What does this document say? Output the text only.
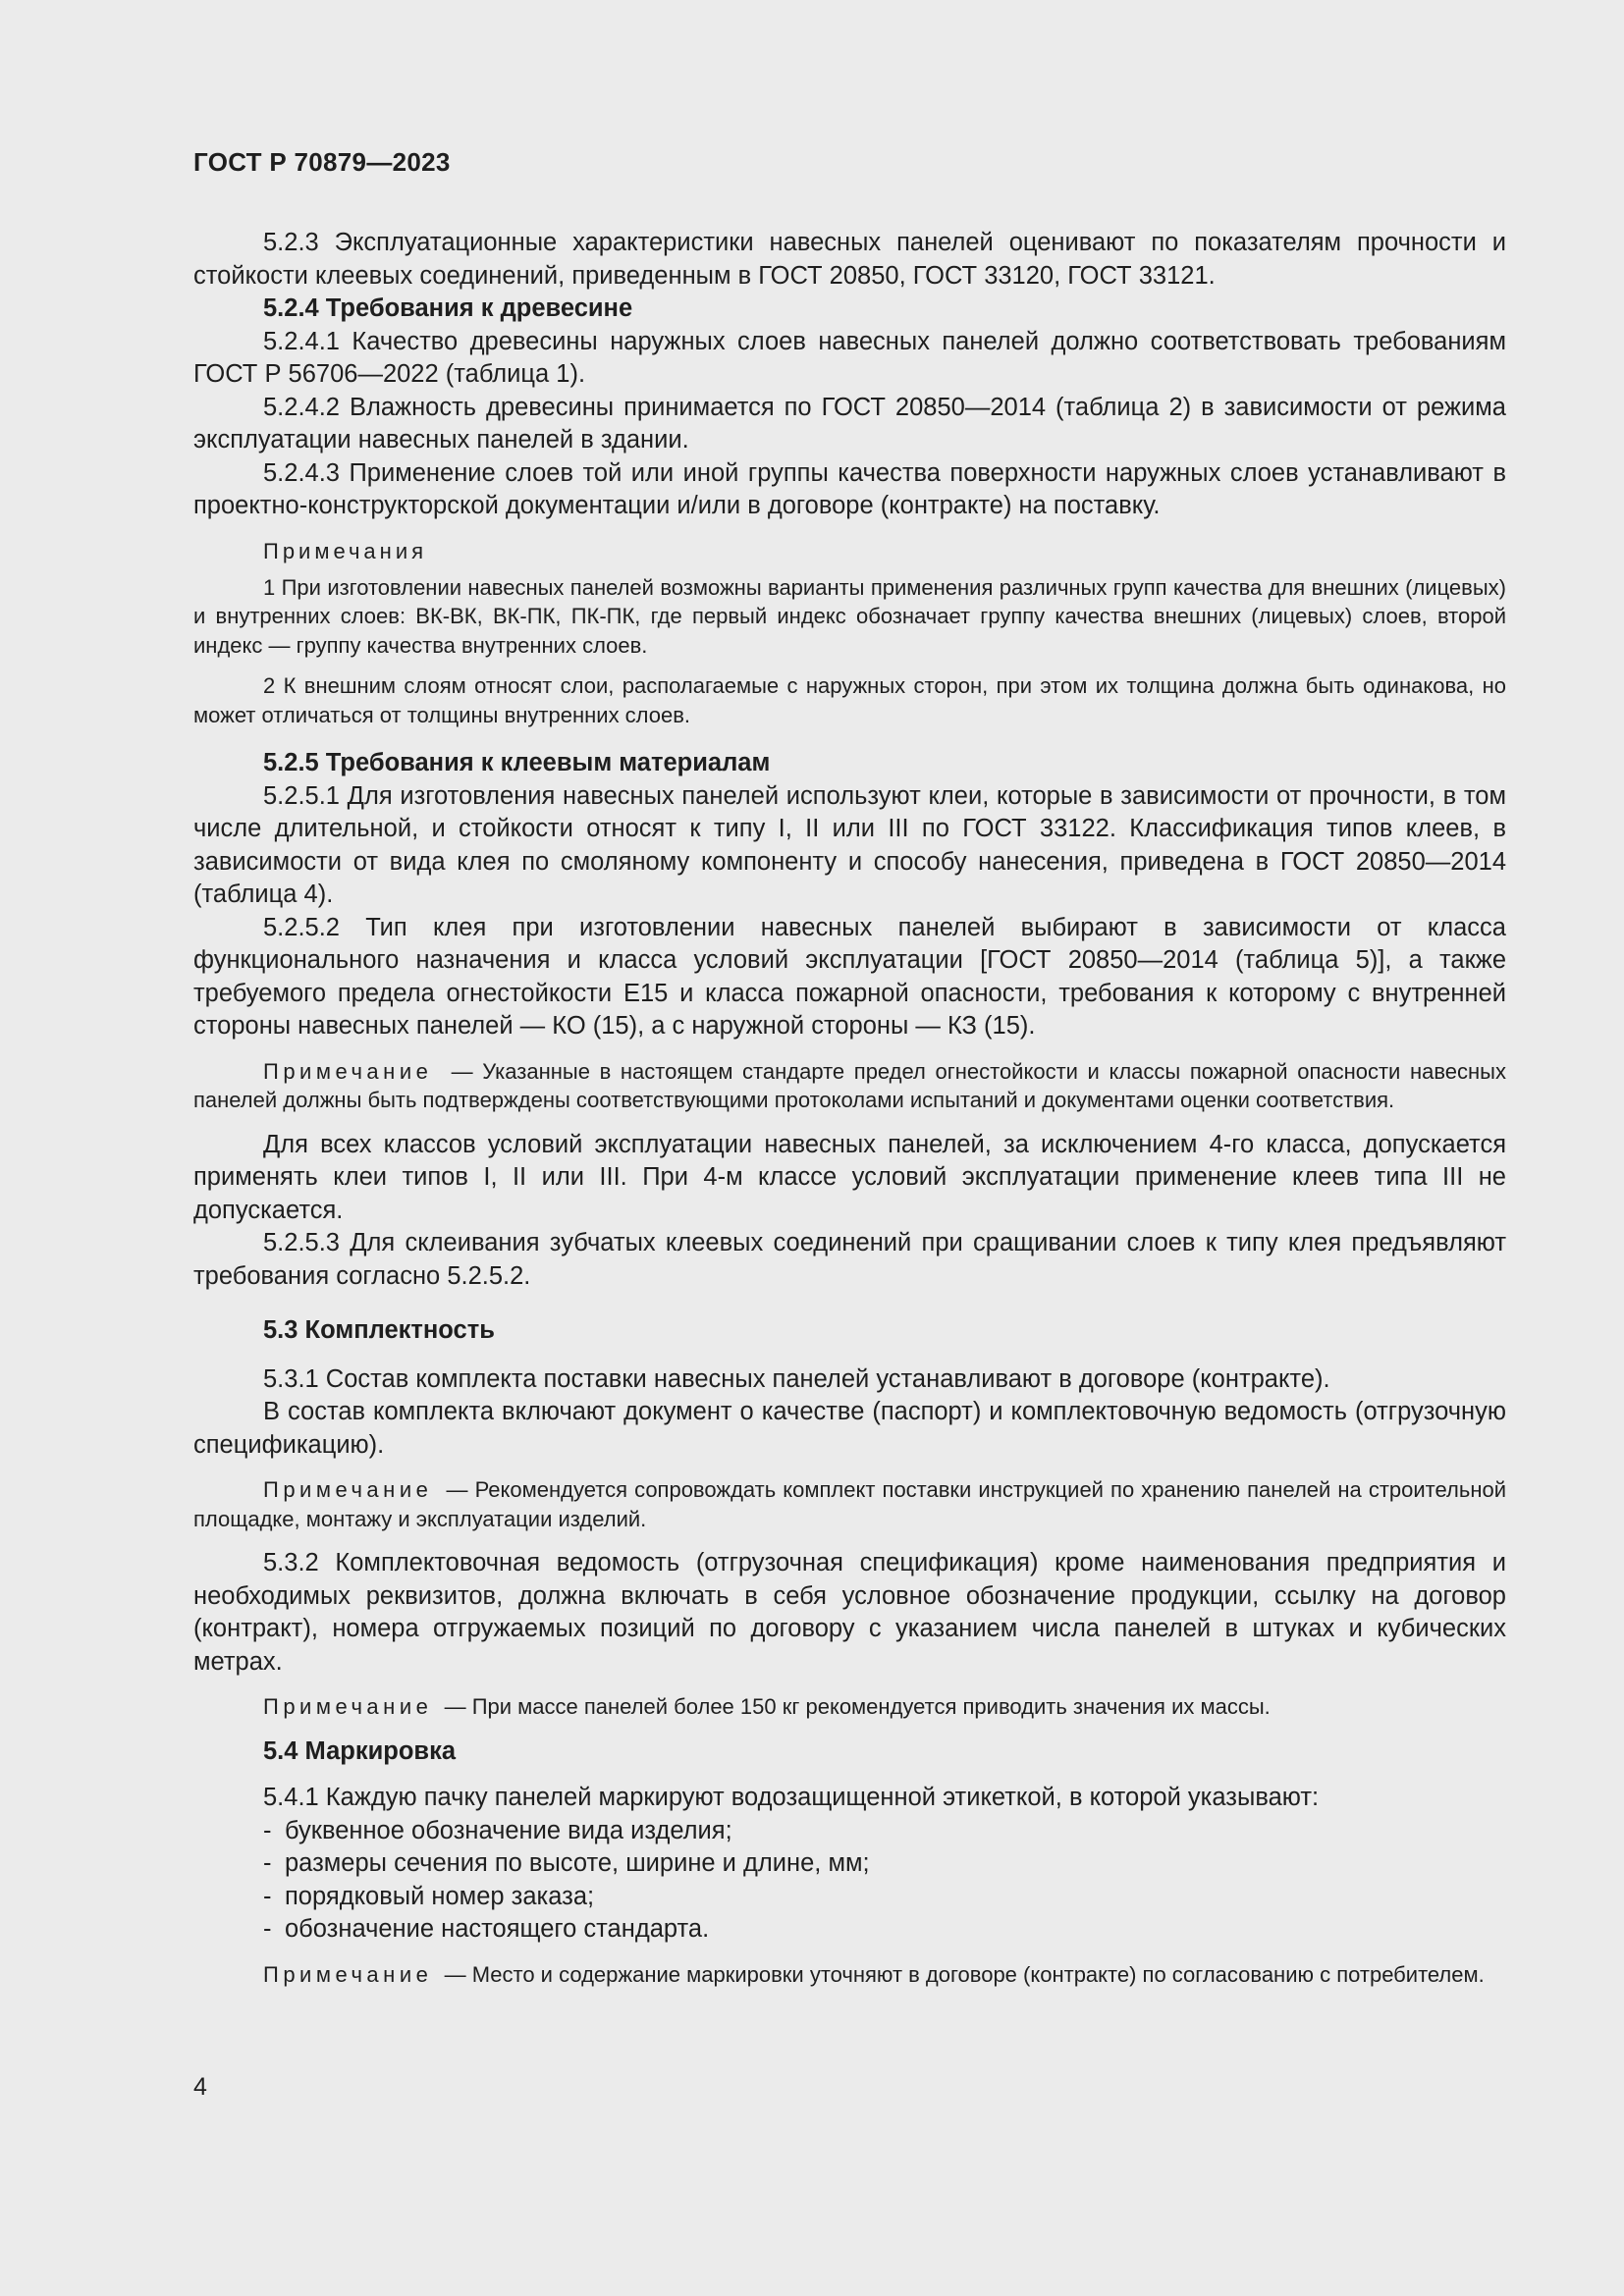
ГОСТ Р 70879—2023

5.2.3 Эксплуатационные характеристики навесных панелей оценивают по показателям прочности и стойкости клеевых соединений, приведенным в ГОСТ 20850, ГОСТ 33120, ГОСТ 33121.

5.2.4 Требования к древесине

5.2.4.1 Качество древесины наружных слоев навесных панелей должно соответствовать требованиям ГОСТ Р 56706—2022 (таблица 1).

5.2.4.2 Влажность древесины принимается по ГОСТ 20850—2014 (таблица 2) в зависимости от режима эксплуатации навесных панелей в здании.

5.2.4.3 Применение слоев той или иной группы качества поверхности наружных слоев устанавливают в проектно-конструкторской документации и/или в договоре (контракте) на поставку.

Примечания

1 При изготовлении навесных панелей возможны варианты применения различных групп качества для внешних (лицевых) и внутренних слоев: ВК-ВК, ВК-ПК, ПК-ПК, где первый индекс обозначает группу качества внешних (лицевых) слоев, второй индекс — группу качества внутренних слоев.

2 К внешним слоям относят слои, располагаемые с наружных сторон, при этом их толщина должна быть одинакова, но может отличаться от толщины внутренних слоев.

5.2.5 Требования к клеевым материалам

5.2.5.1 Для изготовления навесных панелей используют клеи, которые в зависимости от прочности, в том числе длительной, и стойкости относят к типу I, II или III по ГОСТ 33122. Классификация типов клеев, в зависимости от вида клея по смоляному компоненту и способу нанесения, приведена в ГОСТ 20850—2014 (таблица 4).

5.2.5.2 Тип клея при изготовлении навесных панелей выбирают в зависимости от класса функционального назначения и класса условий эксплуатации [ГОСТ 20850—2014 (таблица 5)], а также требуемого предела огнестойкости Е15 и класса пожарной опасности, требования к которому с внутренней стороны навесных панелей — КО (15), а с наружной стороны — КЗ (15).

Примечание — Указанные в настоящем стандарте предел огнестойкости и классы пожарной опасности навесных панелей должны быть подтверждены соответствующими протоколами испытаний и документами оценки соответствия.

Для всех классов условий эксплуатации навесных панелей, за исключением 4-го класса, допускается применять клеи типов I, II или III. При 4-м классе условий эксплуатации применение клеев типа III не допускается.

5.2.5.3 Для склеивания зубчатых клеевых соединений при сращивании слоев к типу клея предъявляют требования согласно 5.2.5.2.

5.3 Комплектность

5.3.1 Состав комплекта поставки навесных панелей устанавливают в договоре (контракте).

В состав комплекта включают документ о качестве (паспорт) и комплектовочную ведомость (отгрузочную спецификацию).

Примечание — Рекомендуется сопровождать комплект поставки инструкцией по хранению панелей на строительной площадке, монтажу и эксплуатации изделий.

5.3.2 Комплектовочная ведомость (отгрузочная спецификация) кроме наименования предприятия и необходимых реквизитов, должна включать в себя условное обозначение продукции, ссылку на договор (контракт), номера отгружаемых позиций по договору с указанием числа панелей в штуках и кубических метрах.

Примечание — При массе панелей более 150 кг рекомендуется приводить значения их массы.

5.4 Маркировка

5.4.1 Каждую пачку панелей маркируют водозащищенной этикеткой, в которой указывают:

- буквенное обозначение вида изделия;
- размеры сечения по высоте, ширине и длине, мм;
- порядковый номер заказа;
- обозначение настоящего стандарта.

Примечание — Место и содержание маркировки уточняют в договоре (контракте) по согласованию с потребителем.

4
